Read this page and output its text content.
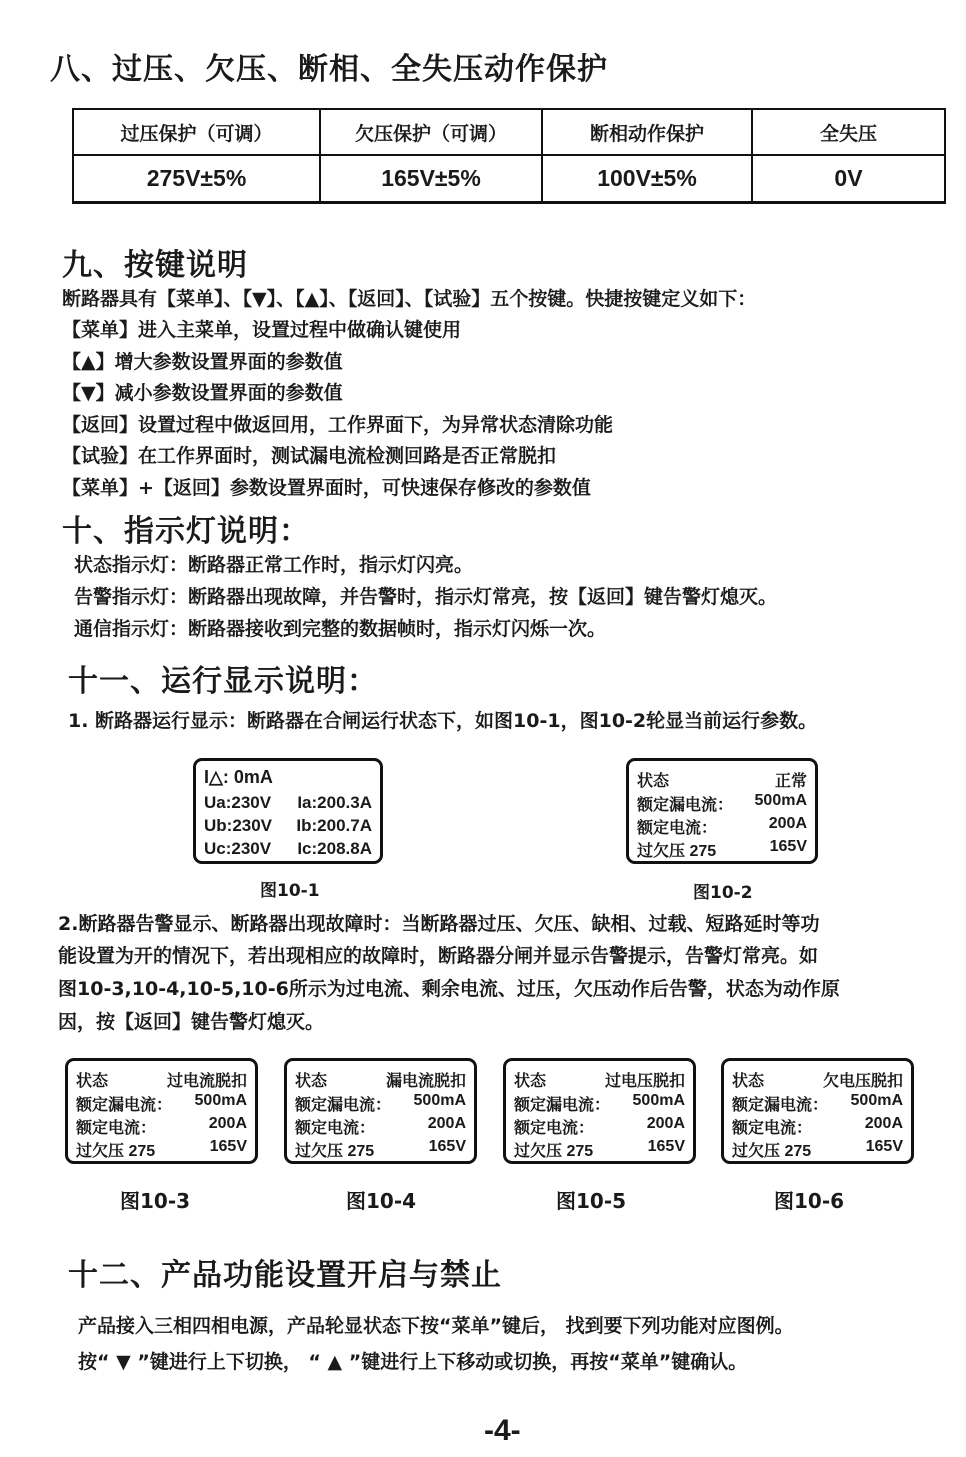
八、过压、欠压、断相、全失压动作保护
过压保护（可调）	欠压保护（可调）	断相动作保护	全失压
275V±5%	165V±5%	100V±5%	0V
九、按键说明
断路器具有【菜单】、【▼】、【▲】、【返回】、【试验】五个按键。快捷按键定义如下：
【菜单】进入主菜单，设置过程中做确认键使用
【▲】增大参数设置界面的参数值
【▼】减小参数设置界面的参数值
【返回】设置过程中做返回用，工作界面下，为异常状态清除功能
【试验】在工作界面时，测试漏电流检测回路是否正常脱扣
【菜单】+【返回】参数设置界面时，可快速保存修改的参数值
十、指示灯说明：
状态指示灯：断路器正常工作时，指示灯闪亮。
告警指示灯：断路器出现故障，并告警时，指示灯常亮，按【返回】键告警灯熄灭。
通信指示灯：断路器接收到完整的数据帧时，指示灯闪烁一次。
十一、运行显示说明：
1. 断路器运行显示：断路器在合闸运行状态下，如图10-1，图10-2轮显当前运行参数。
I△: 0mA
Ua:230V Ia:200.3A
Ub:230V Ib:200.7A
Uc:230V Ic:208.8A
图10-1
状态	正常
额定漏电流： 500mA
额定电流：	200A
过欠压 275	165V
图10-2
2.断路器告警显示、断路器出现故障时：当断路器过压、欠压、缺相、过载、短路延时等功
能设置为开的情况下，若出现相应的故障时，断路器分闸并显示告警提示，告警灯常亮。如
图10-3,10-4,10-5,10-6所示为过电流、剩余电流、过压，欠压动作后告警，状态为动作原
因，按【返回】键告警灯熄灭。
状态	过电流脱扣
额定漏电流： 500mA
额定电流：	200A
过欠压 275	165V
图10-3
状态	漏电流脱扣
额定漏电流： 500mA
额定电流：	200A
过欠压 275	165V
图10-4
状态	过电压脱扣
额定漏电流： 500mA
额定电流：	200A
过欠压 275	165V
图10-5
状态	欠电压脱扣
额定漏电流： 500mA
额定电流：	200A
过欠压 275	165V
图10-6
十二、产品功能设置开启与禁止
产品接入三相四相电源，产品轮显状态下按“菜单”键后， 找到要下列功能对应图例。
按“ ▼ ”键进行上下切换， “ ▲ ”键进行上下移动或切换，再按“菜单”键确认。
-4-
